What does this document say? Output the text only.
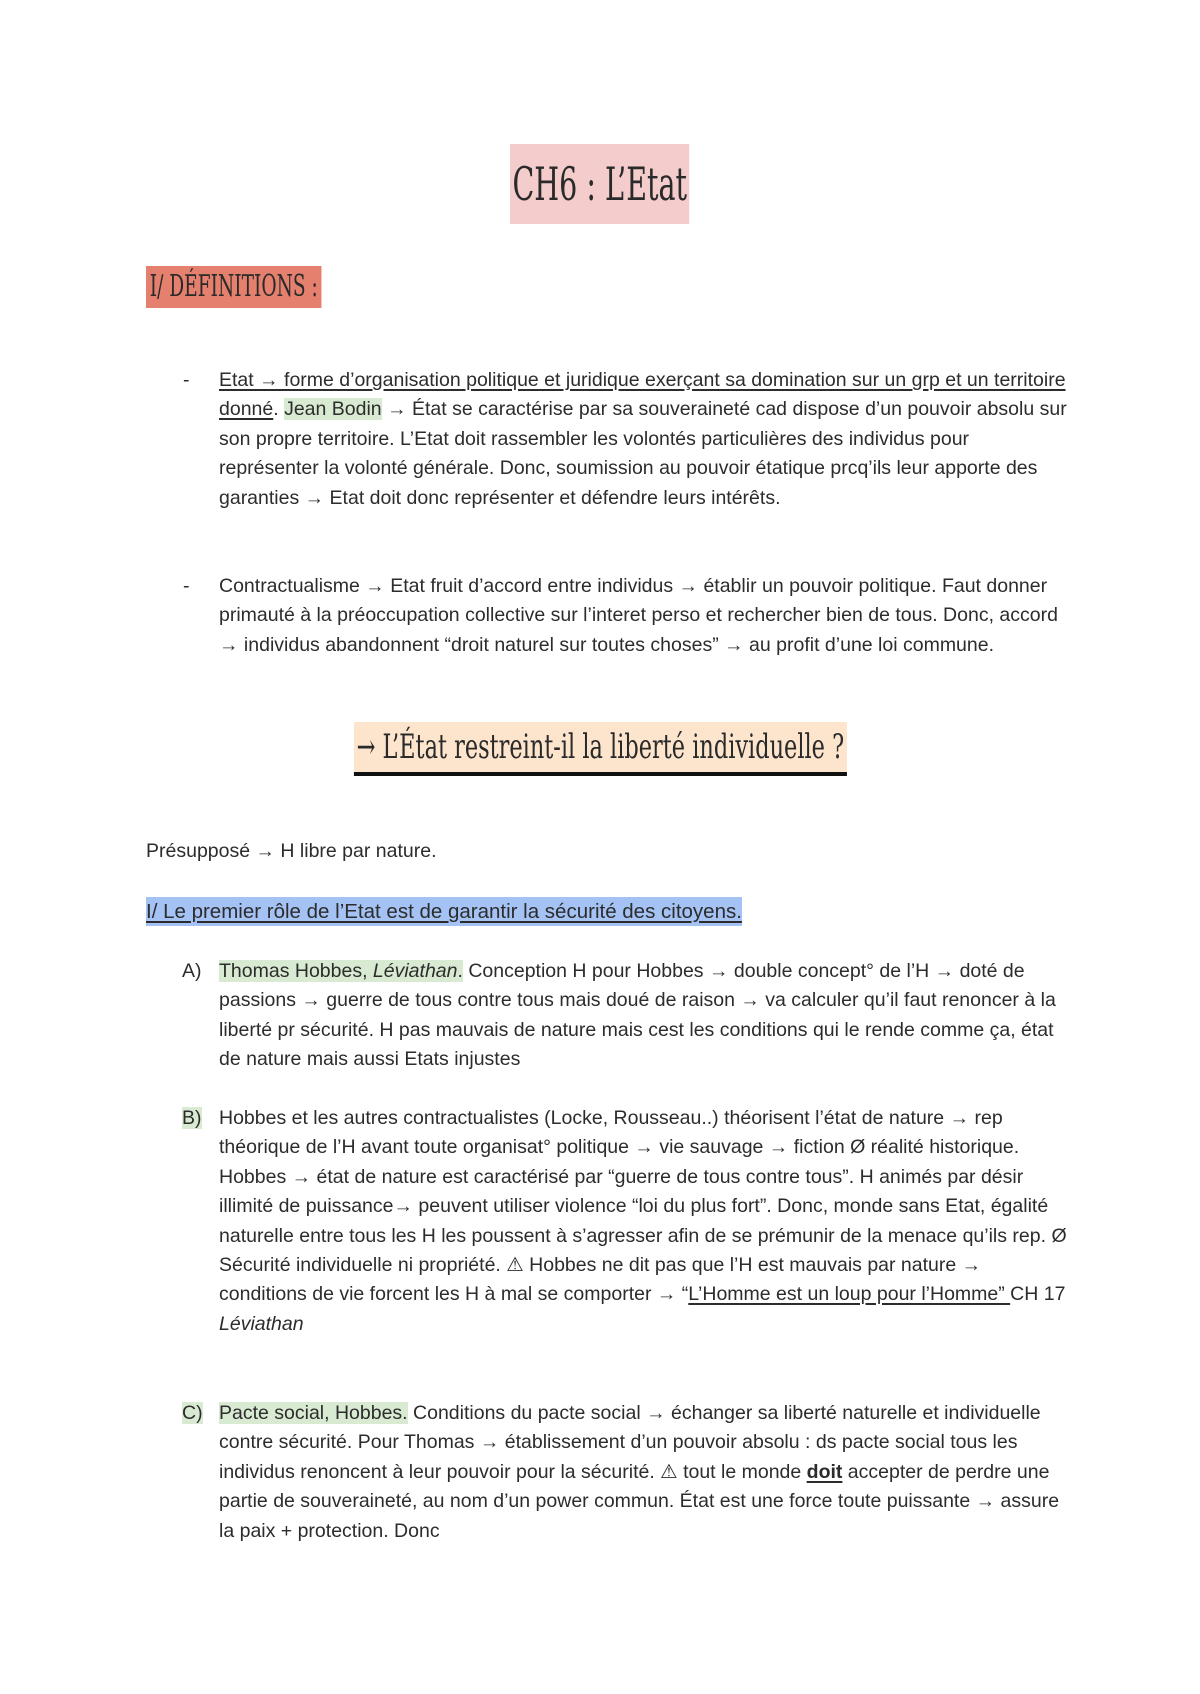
CH6 : L’Etat
I/ DÉFINITIONS :
- Etat → forme d’organisation politique et juridique exerçant sa domination sur un grp et un territoire donné. Jean Bodin → État se caractérise par sa souveraineté cad dispose d’un pouvoir absolu sur son propre territoire. L’Etat doit rassembler les volontés particulières des individus pour représenter la volonté générale. Donc, soumission au pouvoir étatique prcq’ils leur apporte des garanties → Etat doit donc représenter et défendre leurs intérêts.
- Contractualisme → Etat fruit d’accord entre individus → établir un pouvoir politique. Faut donner primauté à la préoccupation collective sur l’interet perso et rechercher bien de tous. Donc, accord → individus abandonnent “droit naturel sur toutes choses” → au profit d’une loi commune.
→ L’État restreint-il la liberté individuelle ?
Présupposé → H libre par nature.
I/ Le premier rôle de l’Etat est de garantir la sécurité des citoyens.
A) Thomas Hobbes, Léviathan. Conception H pour Hobbes → double concept° de l’H → doté de passions → guerre de tous contre tous mais doué de raison → va calculer qu’il faut renoncer à la liberté pr sécurité. H pas mauvais de nature mais cest les conditions qui le rende comme ça, état de nature mais aussi Etats injustes
B) Hobbes et les autres contractualistes (Locke, Rousseau..) théorisent l’état de nature → rep théorique de l’H avant toute organisat° politique → vie sauvage → fiction Ø réalité historique. Hobbes → état de nature est caractérisé par “guerre de tous contre tous”. H animés par désir illimité de puissance→ peuvent utiliser violence “loi du plus fort”. Donc, monde sans Etat, égalité naturelle entre tous les H les poussent à s’agresser afin de se prémunir de la menace qu’ils rep. Ø Sécurité individuelle ni propriété. ⚠ Hobbes ne dit pas que l’H est mauvais par nature → conditions de vie forcent les H à mal se comporter → “L’Homme est un loup pour l’Homme” CH 17 Léviathan
C) Pacte social, Hobbes. Conditions du pacte social → échanger sa liberté naturelle et individuelle contre sécurité. Pour Thomas → établissement d’un pouvoir absolu : ds pacte social tous les individus renoncent à leur pouvoir pour la sécurité. ⚠ tout le monde doit accepter de perdre une partie de souveraineté, au nom d’un power commun. État est une force toute puissante → assure la paix + protection. Donc
